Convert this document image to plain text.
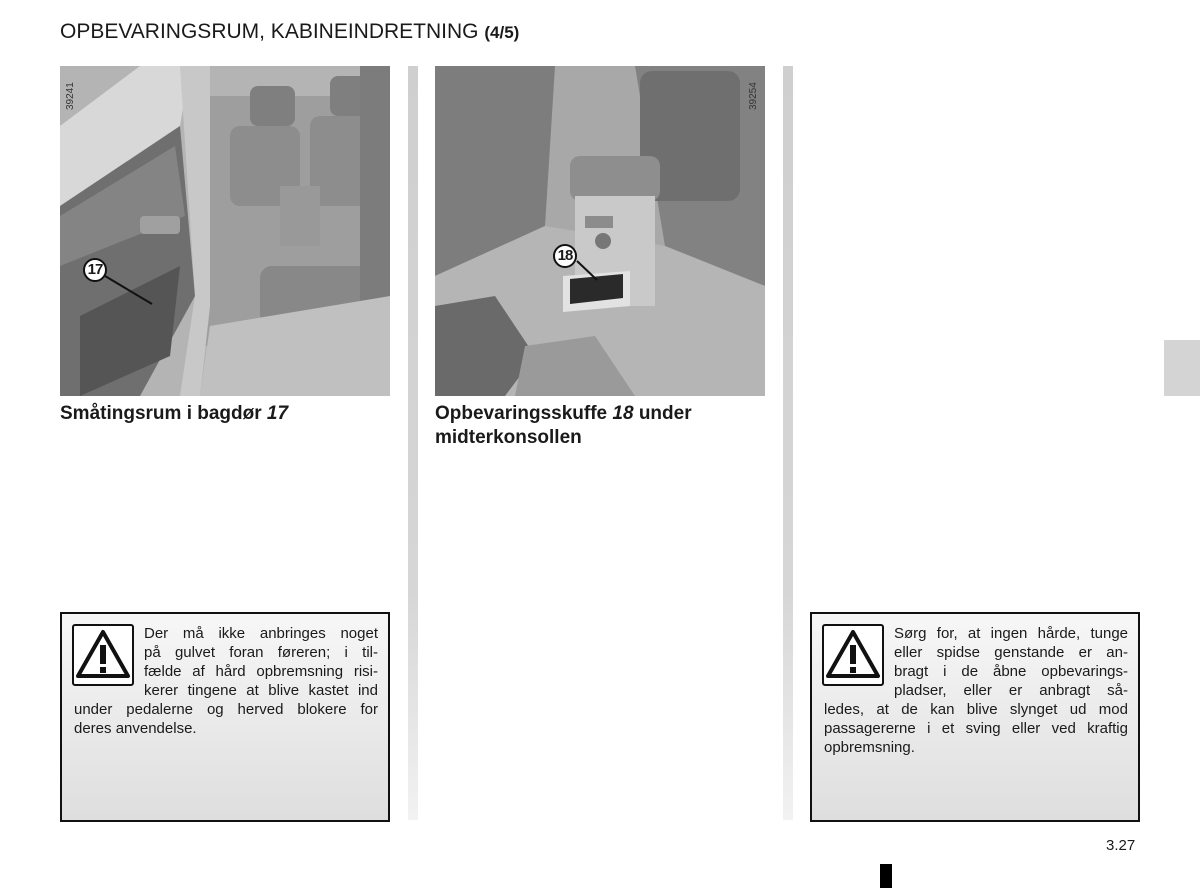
OPBEVARINGSRUM, KABINEINDRETNING (4/5)
39241
17
39254
18
Småtingsrum i bagdør 17	Opbevaringsskuffe 18 under
midterkonsollen
Der må ikke anbringes noget
på gulvet foran føreren; i til-
fælde af hård opbremsning risi-
kerer tingene at blive kastet ind
under pedalerne og herved blokere for
deres anvendelse.
Sørg for, at ingen hårde, tunge
eller spidse genstande er an-
bragt i de åbne opbevarings-
pladser, eller er anbragt så-
ledes, at de kan blive slynget ud mod
passagererne i et sving eller ved kraftig
opbremsning.
3.27
